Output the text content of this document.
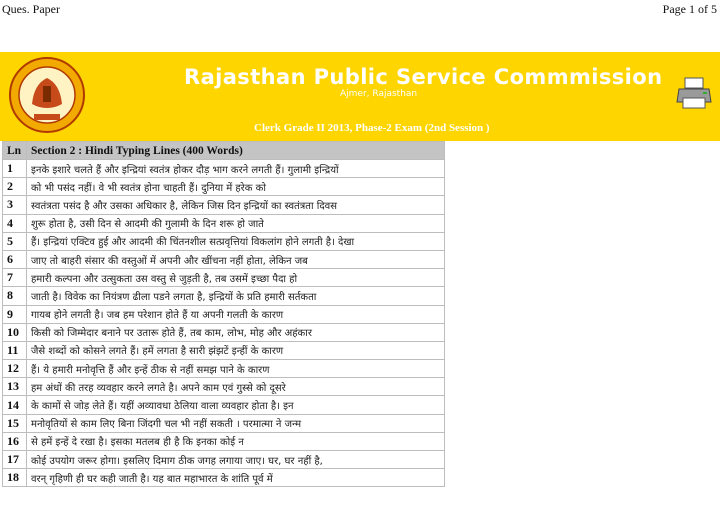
Ques. Paper	Page 1 of 5
Rajasthan Public Service Commmission
Ajmer, Rajasthan
Clerk Grade II 2013, Phase-2 Exam (2nd Session )
Ln	Section 2 : Hindi Typing Lines (400 Words)
1	इनके इशारे चलते हैं और इन्द्रियां स्वतंत्र होकर दौड़ भाग करने लगती हैं। गुलामी इन्द्रियों
2	को भी पसंद नहीं। वे भी स्वतंत्र होना चाहती हैं। दुनिया में हरेक को
3	स्वतंत्रता पसंद है और उसका अधिकार है, लेकिन जिस दिन इन्द्रियों का स्वतंत्रता दिवस
4	शुरू होता है, उसी दिन से आदमी की गुलामी के दिन शरू हो जाते
5	हैं। इन्द्रियां एक्टिव हुई और आदमी की चिंतनशील सत्प्रवृत्तियां विकलांग होने लगती है। देखा
6	जाए तो बाहरी संसार की वस्तुओं में अपनी और खींचना नहीं होता, लेकिन जब
7	हमारी कल्पना और उत्सुकता उस वस्तु से जुड़ती है, तब उसमें इच्छा पैदा हो
8	जाती है। विवेक का नियंत्रण ढीला पडने लगता है, इन्द्रियों के प्रति हमारी सर्तकता
9	गायब होने लगती है। जब हम परेशान होते हैं या अपनी गलती के कारण
10	किसी को जिम्मेदार बनाने पर उतारू होते हैं, तब काम, लोभ, मोह और अहंकार
11	जैसे शब्दों को कोसने लगते हैं। हमें लगता है सारी झंझटें इन्हीं के कारण
12	हैं। ये हमारी मनोवृत्ति हैं और इन्हें ठीक से नहीं समझ पाने के कारण
13	हम अंधों की तरह व्यवहार करने लगते है। अपने काम एवं गुस्से को दूसरे
14	के कामों से जोड़ लेते हैं। यहीं अव्यावधा ठेलिया वाला व्यवहार होता है। इन
15	मनोवृतियों से काम लिए बिना जिंदगी चल भी नहीं सकती । परमात्मा ने जन्म
16	से हमें इन्हें दे रखा है। इसका मतलब ही है कि इनका कोई न
17	कोई उपयोग जरूर होगा। इसलिए दिमाग ठीक जगह लगाया जाए। घर, घर नहीं है,
18	वरन् गृहिणी ही घर कही जाती है। यह बात महाभारत के शांति पूर्व में
